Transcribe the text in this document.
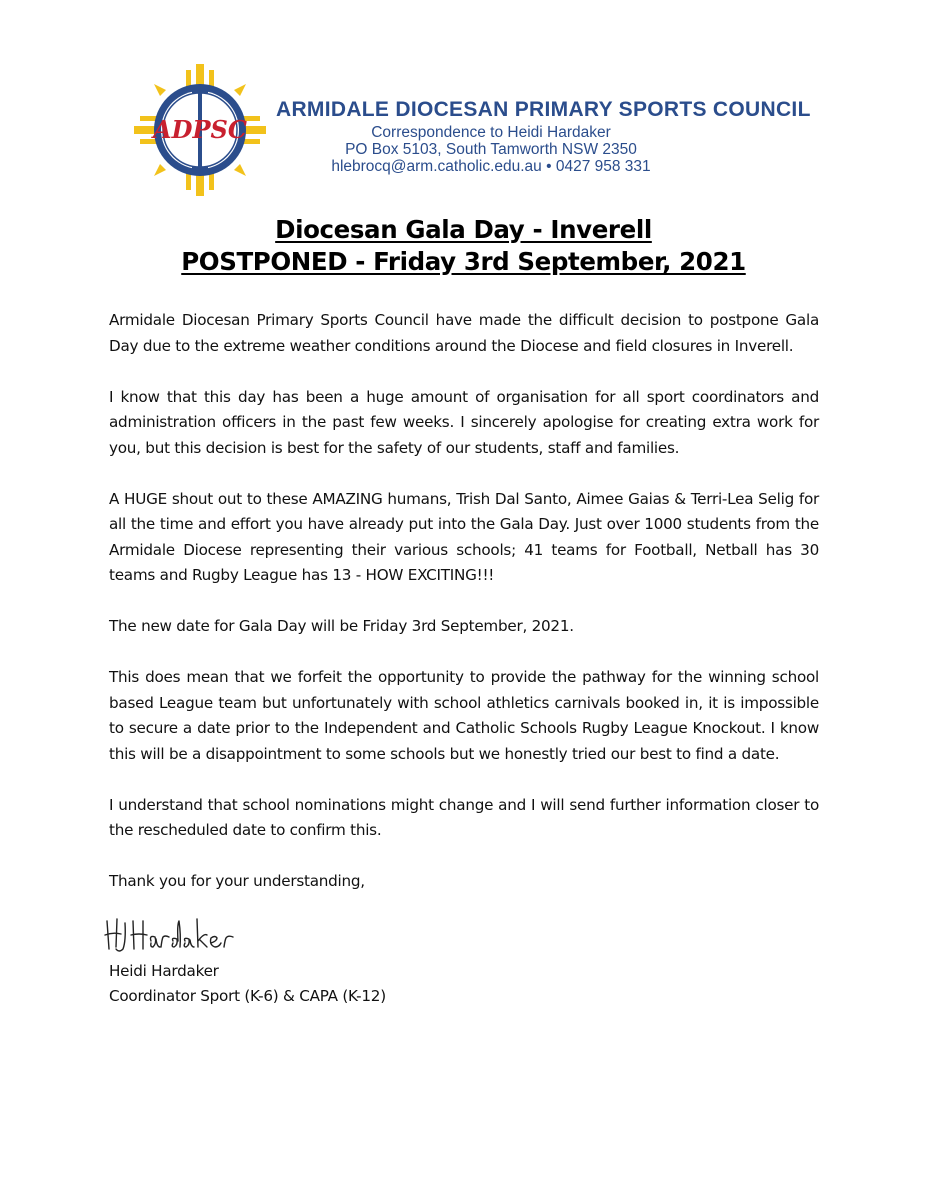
ADPSC
ARMIDALE DIOCESAN PRIMARY SPORTS COUNCIL
Correspondence to Heidi Hardaker
PO Box 5103, South Tamworth NSW 2350
hlebrocq@arm.catholic.edu.au • 0427 958 331
Diocesan Gala Day - Inverell
POSTPONED - Friday 3rd September, 2021

Armidale Diocesan Primary Sports Council have made the difficult decision to postpone Gala Day due to the extreme weather conditions around the Diocese and field closures in Inverell.

I know that this day has been a huge amount of organisation for all sport coordinators and administration officers in the past few weeks. I sincerely apologise for creating extra work for you, but this decision is best for the safety of our students, staff and families.

A HUGE shout out to these AMAZING humans, Trish Dal Santo, Aimee Gaias & Terri-Lea Selig for all the time and effort you have already put into the Gala Day. Just over 1000 students from the Armidale Diocese representing their various schools; 41 teams for Football, Netball has 30 teams and Rugby League has 13 - HOW EXCITING!!!

The new date for Gala Day will be Friday 3rd September, 2021.

This does mean that we forfeit the opportunity to provide the pathway for the winning school based League team but unfortunately with school athletics carnivals booked in, it is impossible to secure a date prior to the Independent and Catholic Schools Rugby League Knockout. I know this will be a disappointment to some schools but we honestly tried our best to find a date.

I understand that school nominations might change and I will send further information closer to the rescheduled date to confirm this.

Thank you for your understanding,

Heidi Hardaker

Coordinator Sport (K-6) & CAPA (K-12)
